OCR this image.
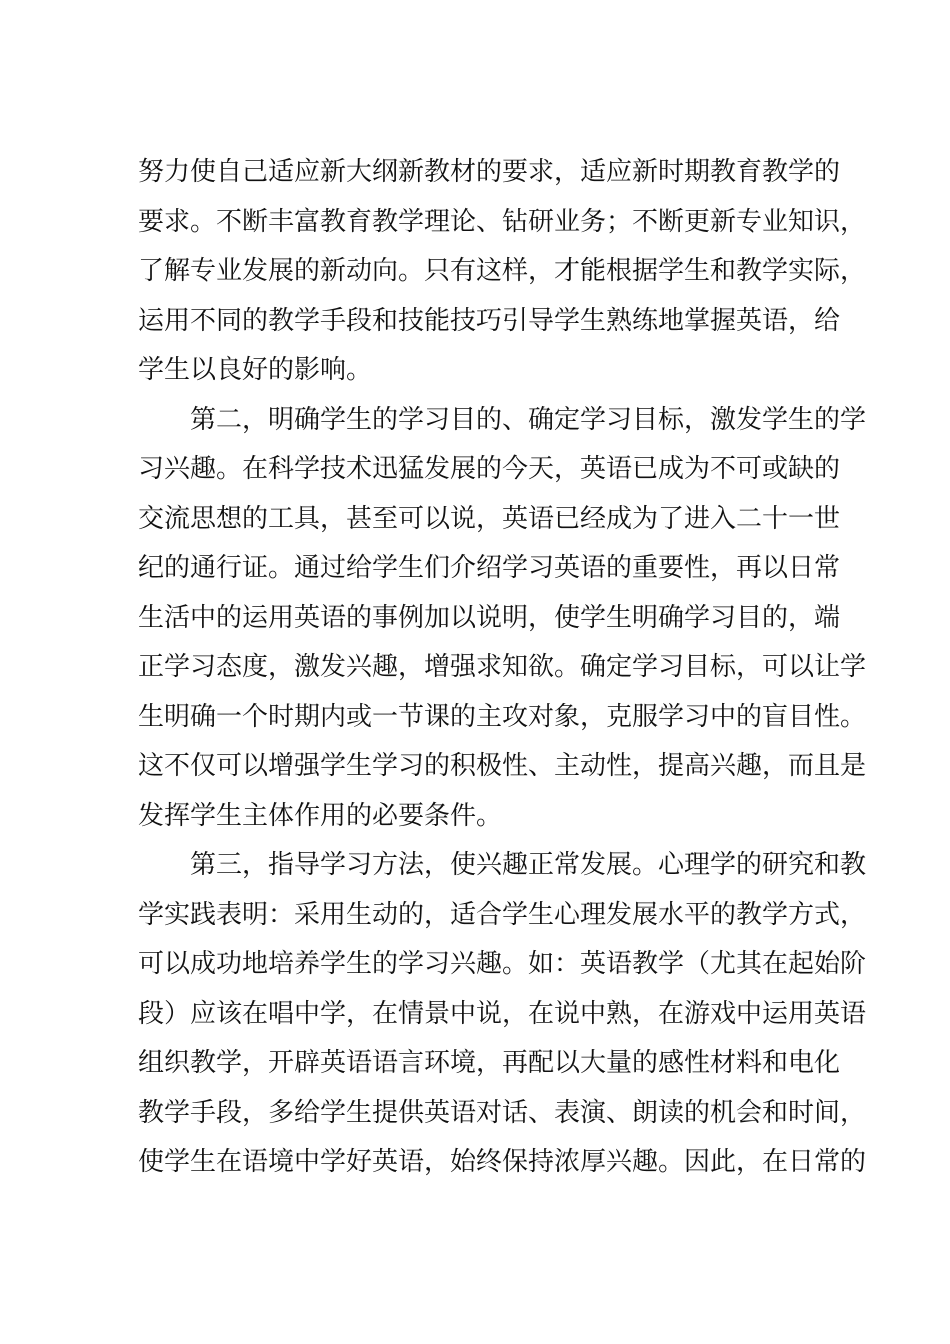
努力使自己适应新大纲新教材的要求，适应新时期教育教学的
要求。不断丰富教育教学理论、钻研业务；不断更新专业知识，
了解专业发展的新动向。只有这样，才能根据学生和教学实际，
运用不同的教学手段和技能技巧引导学生熟练地掌握英语，给
学生以良好的影响。
第二，明确学生的学习目的、确定学习目标，激发学生的学
习兴趣。在科学技术迅猛发展的今天，英语已成为不可或缺的
交流思想的工具，甚至可以说，英语已经成为了进入二十一世
纪的通行证。通过给学生们介绍学习英语的重要性，再以日常
生活中的运用英语的事例加以说明，使学生明确学习目的，端
正学习态度，激发兴趣，增强求知欲。确定学习目标，可以让学
生明确一个时期内或一节课的主攻对象，克服学习中的盲目性。
这不仅可以增强学生学习的积极性、主动性，提高兴趣，而且是
发挥学生主体作用的必要条件。
第三，指导学习方法，使兴趣正常发展。心理学的研究和教
学实践表明：采用生动的，适合学生心理发展水平的教学方式，
可以成功地培养学生的学习兴趣。如：英语教学（尤其在起始阶
段）应该在唱中学，在情景中说，在说中熟，在游戏中运用英语
组织教学，开辟英语语言环境，再配以大量的感性材料和电化
教学手段，多给学生提供英语对话、表演、朗读的机会和时间，
使学生在语境中学好英语，始终保持浓厚兴趣。因此，在日常的
